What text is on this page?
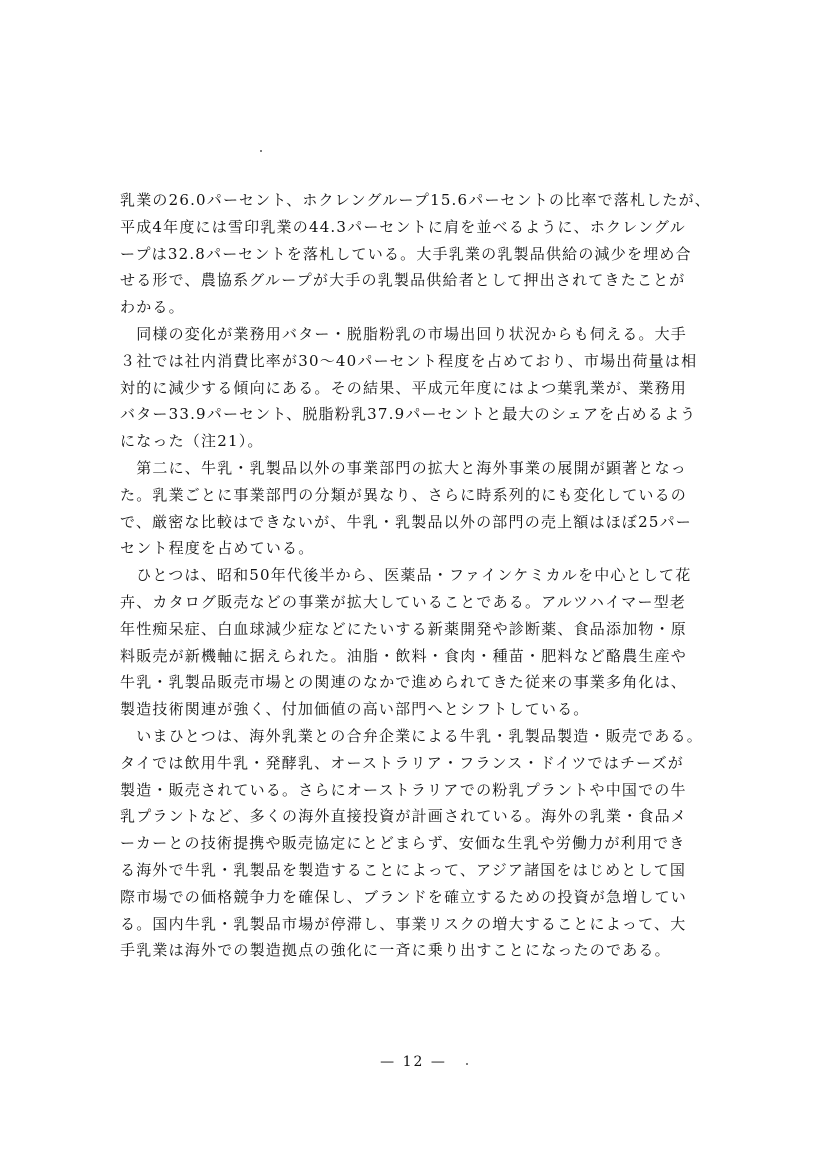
乳業の26.0パーセント、ホクレングループ15.6パーセントの比率で落札したが、
平成4年度には雪印乳業の44.3パーセントに肩を並べるように、ホクレングル
ープは32.8パーセントを落札している。大手乳業の乳製品供給の減少を埋め合
せる形で、農協系グループが大手の乳製品供給者として押出されてきたことが
わかる。
　同様の変化が業務用バター・脱脂粉乳の市場出回り状況からも伺える。大手
３社では社内消費比率が30～40パーセント程度を占めており、市場出荷量は相
対的に減少する傾向にある。その結果、平成元年度にはよつ葉乳業が、業務用
バター33.9パーセント、脱脂粉乳37.9パーセントと最大のシェアを占めるよう
になった（注21）。
　第二に、牛乳・乳製品以外の事業部門の拡大と海外事業の展開が顕著となっ
た。乳業ごとに事業部門の分類が異なり、さらに時系列的にも変化しているの
で、厳密な比較はできないが、牛乳・乳製品以外の部門の売上額はほぼ25パー
セント程度を占めている。
　ひとつは、昭和50年代後半から、医薬品・ファインケミカルを中心として花
卉、カタログ販売などの事業が拡大していることである。アルツハイマー型老
年性痴呆症、白血球減少症などにたいする新薬開発や診断薬、食品添加物・原
料販売が新機軸に据えられた。油脂・飲料・食肉・種苗・肥料など酪農生産や
牛乳・乳製品販売市場との関連のなかで進められてきた従来の事業多角化は、
製造技術関連が強く、付加価値の高い部門へとシフトしている。
　いまひとつは、海外乳業との合弁企業による牛乳・乳製品製造・販売である。
タイでは飲用牛乳・発酵乳、オーストラリア・フランス・ドイツではチーズが
製造・販売されている。さらにオーストラリアでの粉乳プラントや中国での牛
乳プラントなど、多くの海外直接投資が計画されている。海外の乳業・食品メ
ーカーとの技術提携や販売協定にとどまらず、安価な生乳や労働力が利用でき
る海外で牛乳・乳製品を製造することによって、アジア諸国をはじめとして国
際市場での価格競争力を確保し、ブランドを確立するための投資が急増してい
る。国内牛乳・乳製品市場が停滞し、事業リスクの増大することによって、大
手乳業は海外での製造拠点の強化に一斉に乗り出すことになったのである。
— 12 —
